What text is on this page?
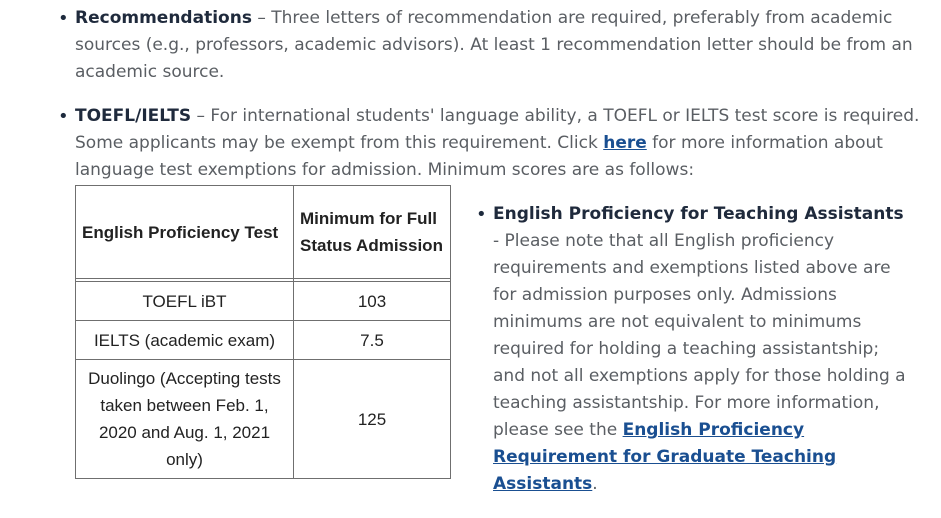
• Recommendations – Three letters of recommendation are required, preferably from academic sources (e.g., professors, academic advisors). At least 1 recommendation letter should be from an academic source.
• TOEFL/IELTS – For international students' language ability, a TOEFL or IELTS test score is required. Some applicants may be exempt from this requirement. Click here for more information about language test exemptions for admission. Minimum scores are as follows:
English Proficiency Test	Minimum for Full Status Admission

TOEFL iBT	103
IELTS (academic exam)	7.5
Duolingo (Accepting tests taken between Feb. 1, 2020 and Aug. 1, 2021 only)	125
• English Proficiency for Teaching Assistants
- Please note that all English proficiency requirements and exemptions listed above are for admission purposes only. Admissions minimums are not equivalent to minimums required for holding a teaching assistantship; and not all exemptions apply for those holding a teaching assistantship. For more information, please see the English Proficiency Requirement for Graduate Teaching Assistants.
